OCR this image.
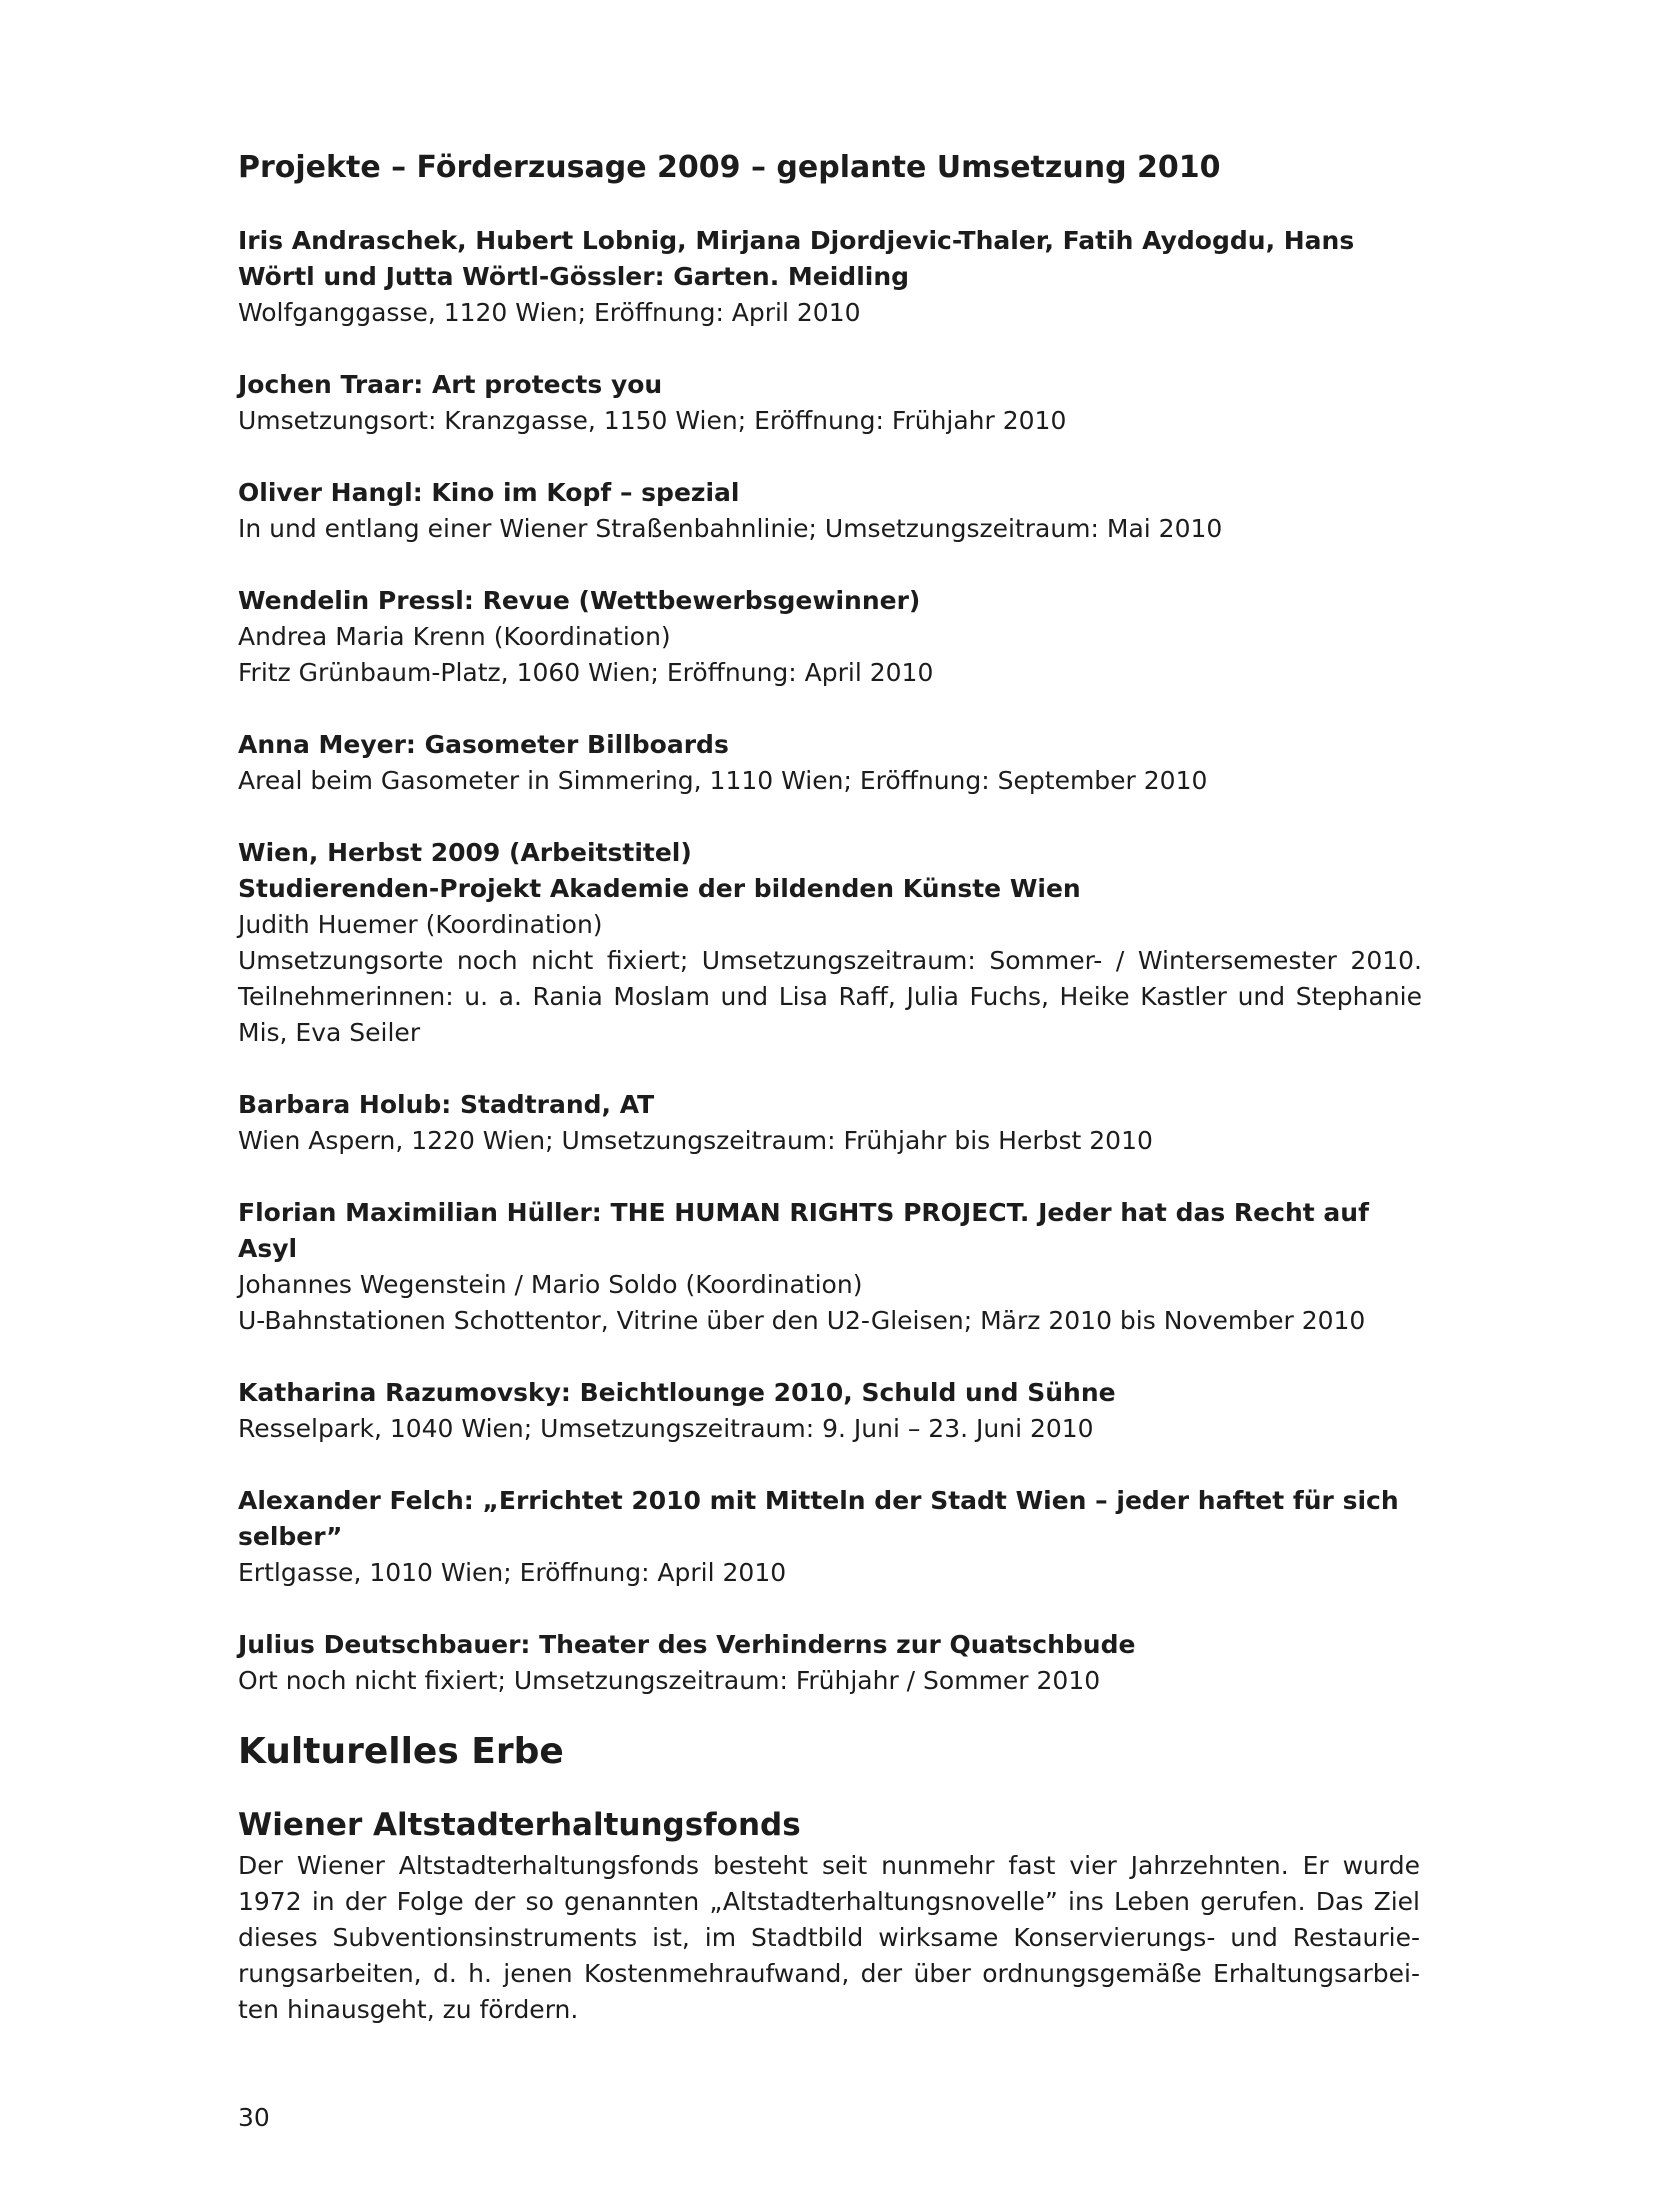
Projekte – Förderzusage 2009 – geplante Umsetzung 2010
Iris Andraschek, Hubert Lobnig, Mirjana Djordjevic-Thaler, Fatih Aydogdu, Hans Wörtl und Jutta Wörtl-Gössler: Garten. Meidling
Wolfganggasse, 1120 Wien; Eröffnung: April 2010
Jochen Traar: Art protects you
Umsetzungsort: Kranzgasse, 1150 Wien; Eröffnung: Frühjahr 2010
Oliver Hangl: Kino im Kopf – spezial
In und entlang einer Wiener Straßenbahnlinie; Umsetzungszeitraum: Mai 2010
Wendelin Pressl: Revue (Wettbewerbsgewinner)
Andrea Maria Krenn (Koordination)
Fritz Grünbaum-Platz, 1060 Wien; Eröffnung: April 2010
Anna Meyer: Gasometer Billboards
Areal beim Gasometer in Simmering, 1110 Wien; Eröffnung: September 2010
Wien, Herbst 2009 (Arbeitstitel)
Studierenden-Projekt Akademie der bildenden Künste Wien
Judith Huemer (Koordination)
Umsetzungsorte noch nicht fixiert; Umsetzungszeitraum: Sommer- / Wintersemester 2010. Teilnehmerinnen: u. a. Rania Moslam und Lisa Raff, Julia Fuchs, Heike Kastler und Stephanie Mis, Eva Seiler
Barbara Holub: Stadtrand, AT
Wien Aspern, 1220 Wien; Umsetzungszeitraum: Frühjahr bis Herbst 2010
Florian Maximilian Hüller: THE HUMAN RIGHTS PROJECT. Jeder hat das Recht auf Asyl
Johannes Wegenstein / Mario Soldo (Koordination)
U-Bahnstationen Schottentor, Vitrine über den U2-Gleisen; März 2010 bis November 2010
Katharina Razumovsky: Beichtlounge 2010, Schuld und Sühne
Resselpark, 1040 Wien; Umsetzungszeitraum: 9. Juni – 23. Juni 2010
Alexander Felch: „Errichtet 2010 mit Mitteln der Stadt Wien – jeder haftet für sich selber”
Ertlgasse, 1010 Wien; Eröffnung: April 2010
Julius Deutschbauer: Theater des Verhinderns zur Quatschbude
Ort noch nicht fixiert; Umsetzungszeitraum: Frühjahr / Sommer 2010
Kulturelles Erbe
Wiener Altstadterhaltungsfonds

Der Wiener Altstadterhaltungsfonds besteht seit nunmehr fast vier Jahrzehnten. Er wurde 1972 in der Folge der so genannten „Altstadterhaltungsnovelle” ins Leben gerufen. Das Ziel dieses Subventionsinstruments ist, im Stadtbild wirksame Konservierungs- und Restaurierungsarbeiten, d. h. jenen Kostenmehraufwand, der über ordnungsgemäße Erhaltungsarbeiten hinausgeht, zu fördern.

30
